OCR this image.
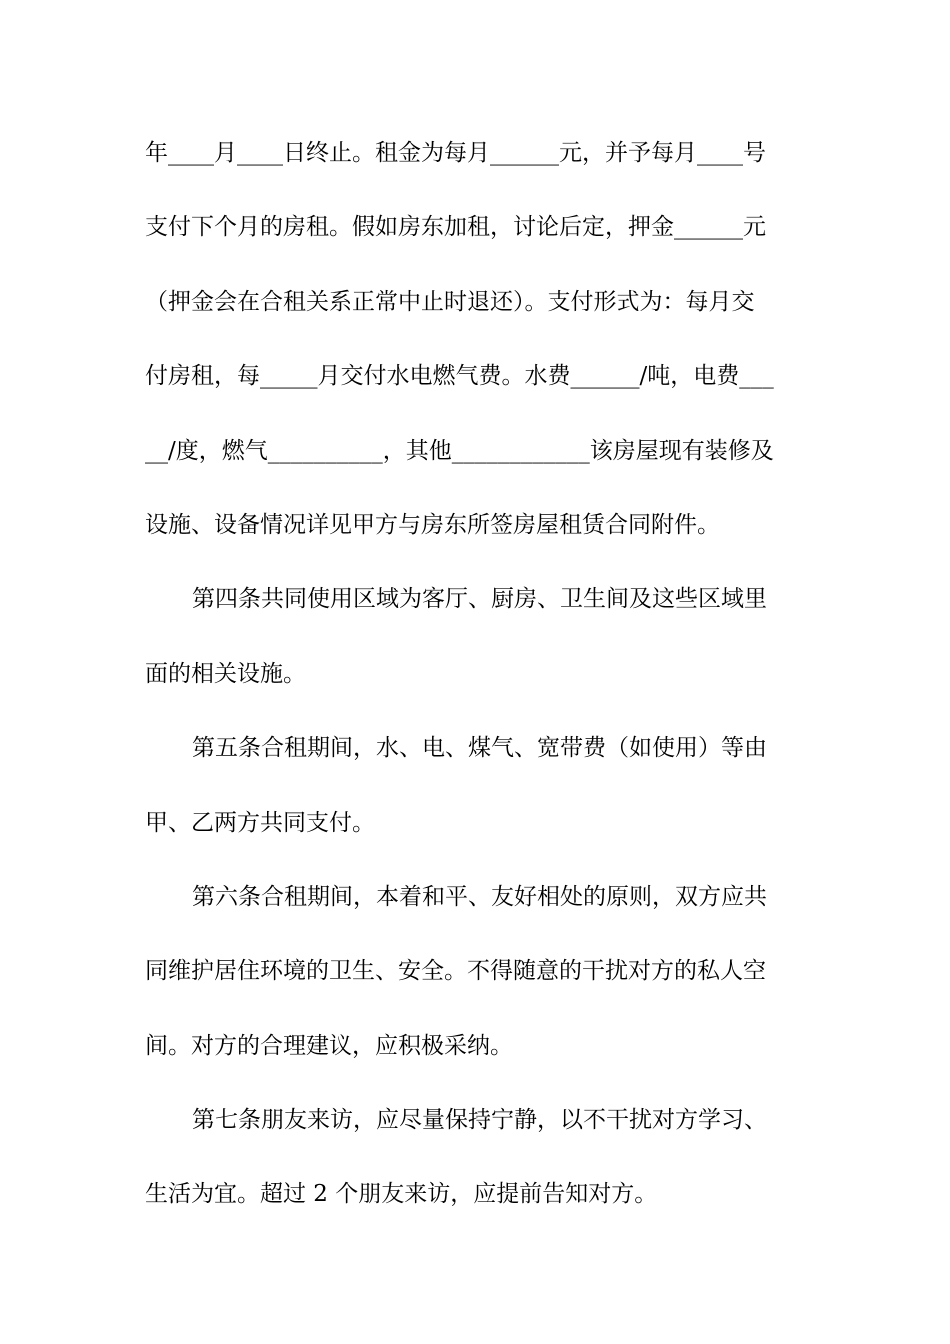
年____月____日终止。租金为每月______元，并予每月____号
支付下个月的房租。假如房东加租，讨论后定，押金______元
（押金会在合租关系正常中止时退还）。支付形式为：每月交
付房租，每_____月交付水电燃气费。水费______/吨，电费___
__/度，燃气__________，其他____________该房屋现有装修及
设施、设备情况详见甲方与房东所签房屋租赁合同附件。
第四条共同使用区域为客厅、厨房、卫生间及这些区域里
面的相关设施。
第五条合租期间，水、电、煤气、宽带费（如使用）等由
甲、乙两方共同支付。
第六条合租期间，本着和平、友好相处的原则，双方应共
同维护居住环境的卫生、安全。不得随意的干扰对方的私人空
间。对方的合理建议，应积极采纳。
第七条朋友来访，应尽量保持宁静，以不干扰对方学习、
生活为宜。超过 2 个朋友来访，应提前告知对方。
